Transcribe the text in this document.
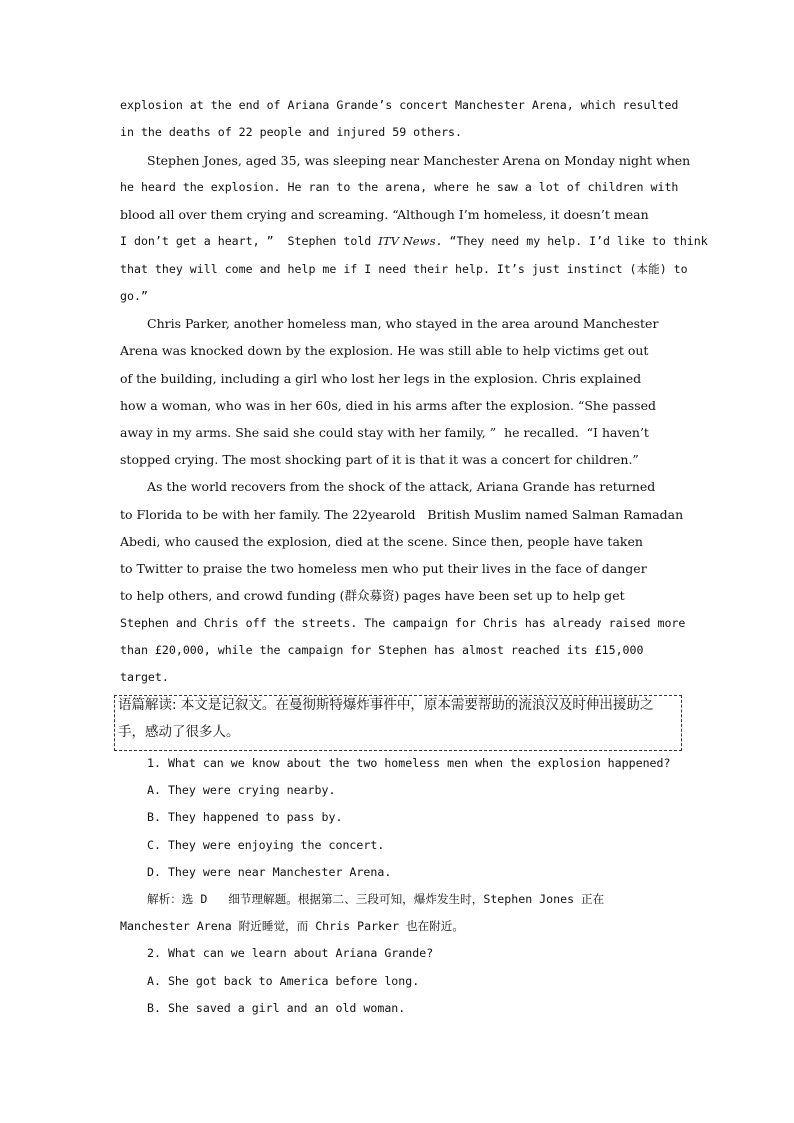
explosion at the end of Ariana Grande’s concert Manchester Arena, which resulted
in the deaths of 22 people and injured 59 others.
Stephen Jones, aged 35, was sleeping near Manchester Arena on Monday night when
he heard the explosion. He ran to the arena, where he saw a lot of children with
blood all over them crying and screaming. “Although I’m homeless, it doesn’t mean
I don’t get a heart, ”  Stephen told ITV News. “They need my help. I’d like to think
that they will come and help me if I need their help. It’s just instinct (本能) to
go.”
Chris Parker, another homeless man, who stayed in the area around Manchester
Arena was knocked down by the explosion. He was still able to help victims get out
of the building, including a girl who lost her legs in the explosion. Chris explained
how a woman, who was in her 60s, died in his arms after the explosion. “She passed
away in my arms. She said she could stay with her family, ”  he recalled.  “I haven’t
stopped crying. The most shocking part of it is that it was a concert for children.”
As the world recovers from the shock of the attack, Ariana Grande has returned
to Florida to be with her family. The 22yearold   British Muslim named Salman Ramadan
Abedi, who caused the explosion, died at the scene. Since then, people have taken
to Twitter to praise the two homeless men who put their lives in the face of danger
to help others, and crowd funding (群众募资) pages have been set up to help get
Stephen and Chris off the streets. The campaign for Chris has already raised more
than £20,000, while the campaign for Stephen has almost reached its £15,000
target.
语篇解读: 本文是记叙文。在曼彻斯特爆炸事件中，原本需要帮助的流浪汉及时伸出援助之
手，感动了很多人。
1. What can we know about the two homeless men when the explosion happened?
A. They were crying nearby.
B. They happened to pass by.
C. They were enjoying the concert.
D. They were near Manchester Arena.
解析：选 D   细节理解题。根据第二、三段可知，爆炸发生时，Stephen Jones 正在
Manchester Arena 附近睡觉，而 Chris Parker 也在附近。
2. What can we learn about Ariana Grande?
A. She got back to America before long.
B. She saved a girl and an old woman.
